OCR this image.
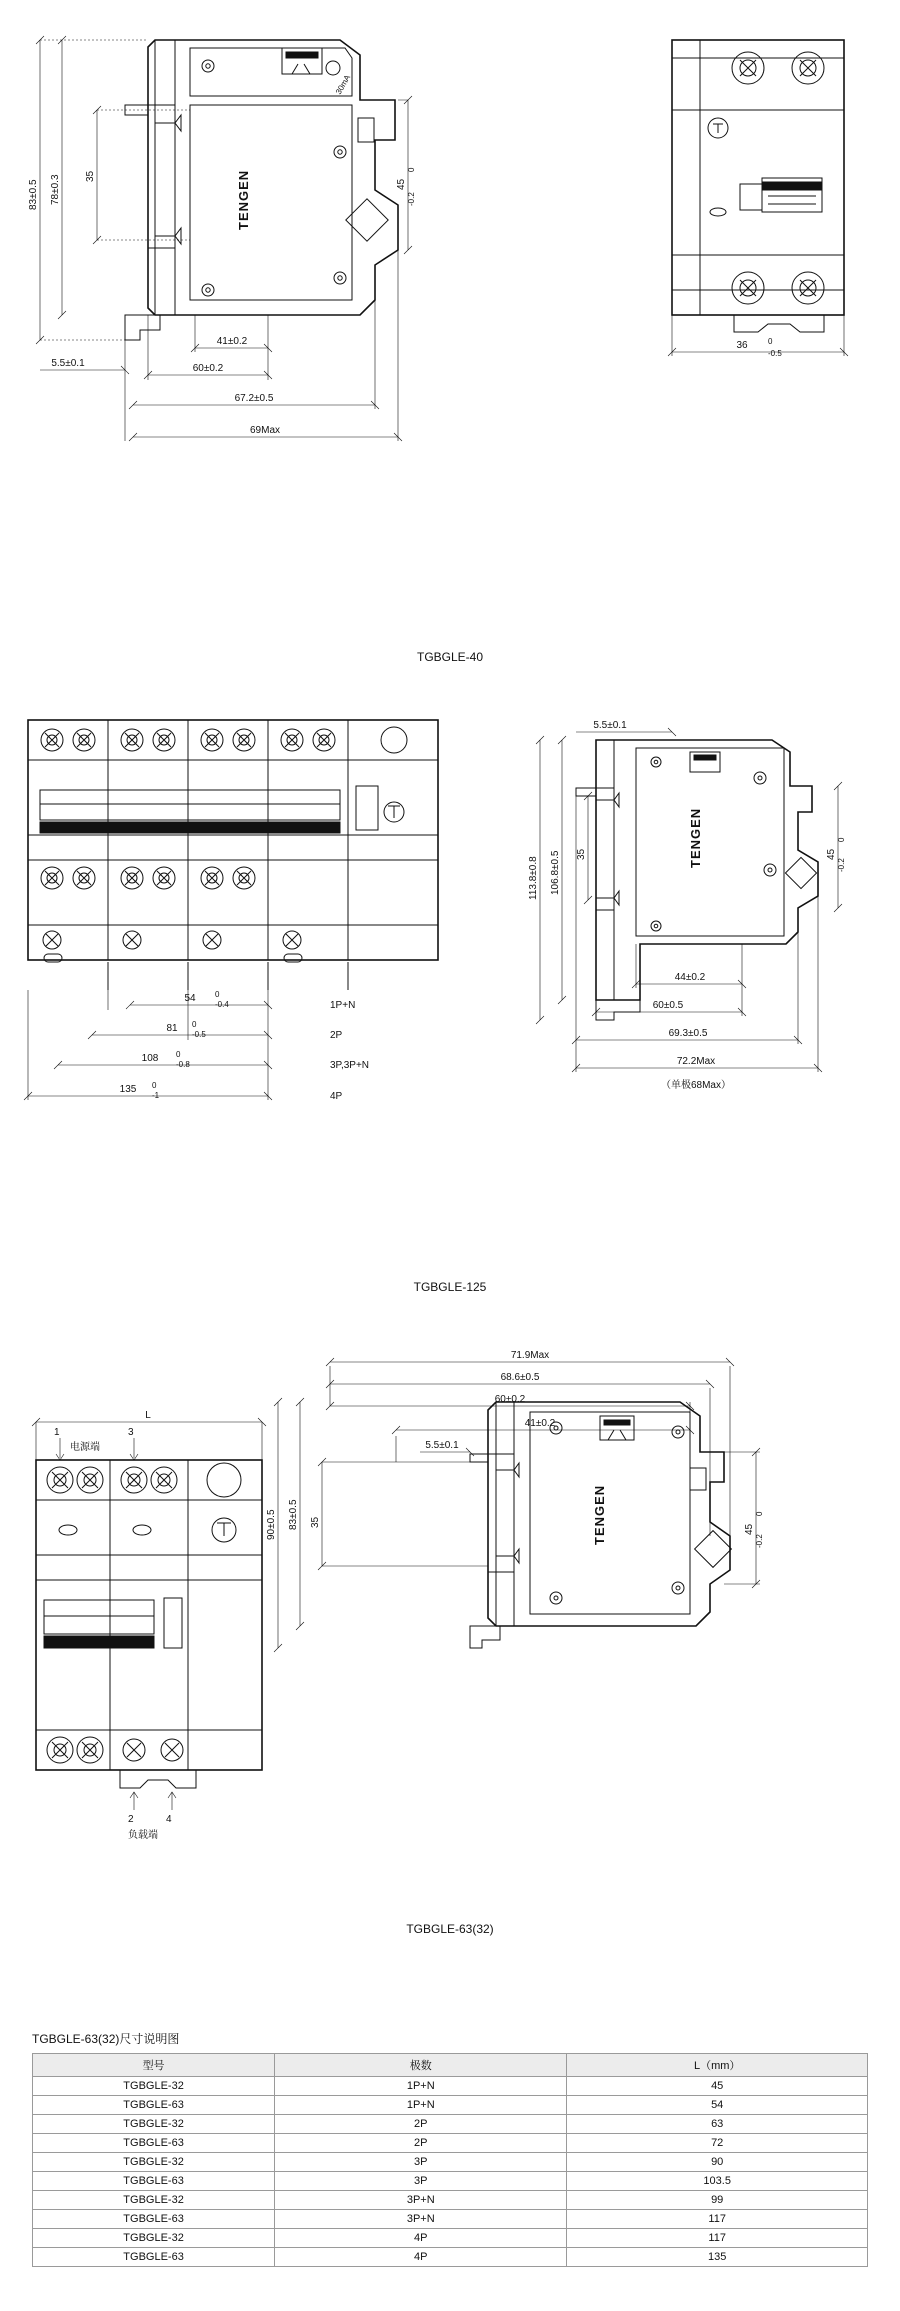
TENGEN
30mA
83±0.5 78±0.3 35
45
0
-0.2
41±0.2
60±0.2
67.2±0.5
69Max
5.5±0.1
36	0
-0.5
TGBGLE-40
54 0
-0.4	1P+N
81 0
-0.5	2P
108 0
-0.8	3P,3P+N
135 0
-1	4P
TENGEN
5.5±0.1
113.8±0.8 106.8±0.5 35	45
0
-0.2
44±0.2
60±0.5
69.3±0.5
72.2Max
（单极68Max）
TGBGLE-125
L
1	3
电源端
2	4
负载端
TENGEN
71.9Max
68.6±0.5
60±0.2
41±0.2
5.5±0.1
90±0.5 83±0.5 35
45
0
-0.2
TGBGLE-63(32)
TGBGLE-63(32)尺寸说明图
型号	极数	L（mm）
TGBGLE-32	1P+N	45
TGBGLE-63	1P+N	54
TGBGLE-32	2P	63
TGBGLE-63	2P	72
TGBGLE-32	3P	90
TGBGLE-63	3P	103.5
TGBGLE-32	3P+N	99
TGBGLE-63	3P+N	117
TGBGLE-32	4P	117
TGBGLE-63	4P	135
